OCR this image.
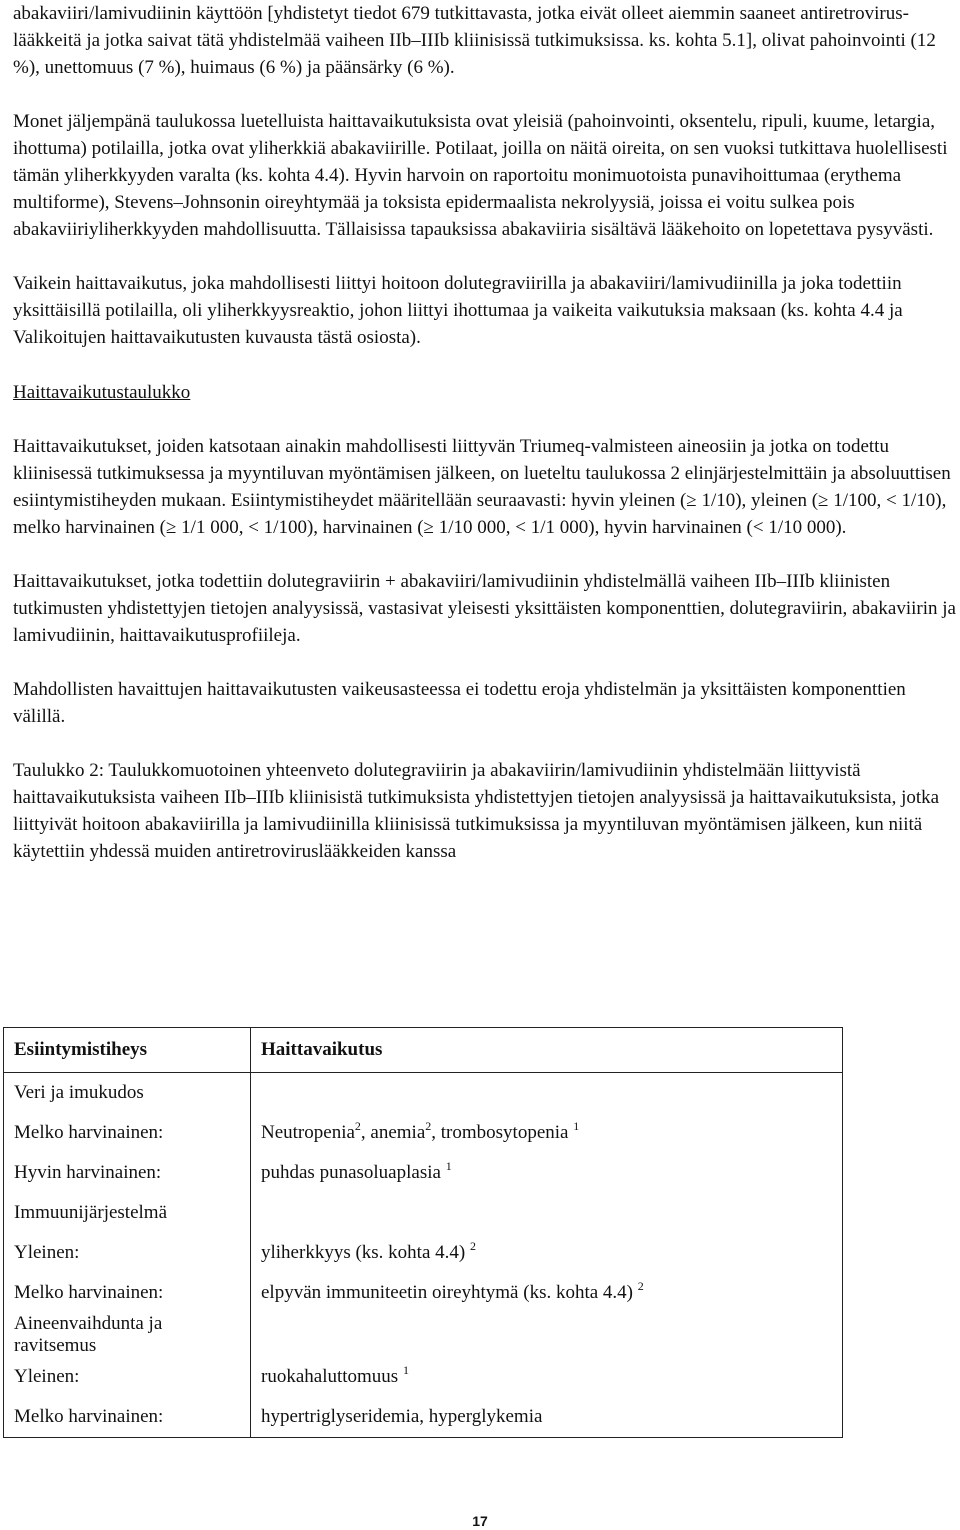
abakaviiri/lamivudiinin käyttöön [yhdistetyt tiedot 679 tutkittavasta, jotka eivät olleet aiemmin saaneet antiretroviruslääkkeitä ja jotka saivat tätä yhdistelmää vaiheen IIb–IIIb kliinisissä tutkimuksissa. ks. kohta 5.1], olivat pahoinvointi (12 %), unettomuus (7 %), huimaus (6 %) ja päänsärky (6 %).

Monet jäljempänä taulukossa luetelluista haittavaikutuksista ovat yleisiä (pahoinvointi, oksentelu, ripuli, kuume, letargia, ihottuma) potilailla, jotka ovat yliherkkiä abakaviirille. Potilaat, joilla on näitä oireita, on sen vuoksi tutkittava huolellisesti tämän yliherkkyyden varalta (ks. kohta 4.4). Hyvin harvoin on raportoitu monimuotoista punavihoittumaa (erythema multiforme), Stevens–Johnsonin oireyhtymää ja toksista epidermaalista nekrolyysiä, joissa ei voitu sulkea pois abakaviiriyliherkkyyden mahdollisuutta. Tällaisissa tapauksissa abakaviiria sisältävä lääkehoito on lopetettava pysyvästi.

Vaikein haittavaikutus, joka mahdollisesti liittyi hoitoon dolutegraviirilla ja abakaviiri/lamivudiinilla ja joka todettiin yksittäisillä potilailla, oli yliherkkyysreaktio, johon liittyi ihottumaa ja vaikeita vaikutuksia maksaan (ks. kohta 4.4 ja Valikoitujen haittavaikutusten kuvausta tästä osiosta).

Haittavaikutustaulukko

Haittavaikutukset, joiden katsotaan ainakin mahdollisesti liittyvän Triumeq-valmisteen aineosiin ja jotka on todettu kliinisessä tutkimuksessa ja myyntiluvan myöntämisen jälkeen, on lueteltu taulukossa 2 elinjärjestelmittäin ja absoluuttisen esiintymistiheyden mukaan. Esiintymistiheydet määritellään seuraavasti: hyvin yleinen (≥ 1/10), yleinen (≥ 1/100, < 1/10), melko harvinainen (≥ 1/1 000, < 1/100), harvinainen (≥ 1/10 000, < 1/1 000), hyvin harvinainen (< 1/10 000).

Haittavaikutukset, jotka todettiin dolutegraviirin + abakaviiri/lamivudiinin yhdistelmällä vaiheen IIb–IIIb kliinisten tutkimusten yhdistettyjen tietojen analyysissä, vastasivat yleisesti yksittäisten komponenttien, dolutegraviirin, abakaviirin ja lamivudiinin, haittavaikutusprofiileja.

Mahdollisten havaittujen haittavaikutusten vaikeusasteessa ei todettu eroja yhdistelmän ja yksittäisten komponenttien välillä.

Taulukko 2: Taulukkomuotoinen yhteenveto dolutegraviirin ja abakaviirin/lamivudiinin yhdistelmään liittyvistä haittavaikutuksista vaiheen IIb–IIIb kliinisistä tutkimuksista yhdistettyjen tietojen analyysissä ja haittavaikutuksista, jotka liittyivät hoitoon abakaviirilla ja lamivudiinilla kliinisissä tutkimuksissa ja myyntiluvan myöntämisen jälkeen, kun niitä käytettiin yhdessä muiden antiretroviruslääkkeiden kanssa

Esiintymistiheys	Haittavaikutus
Veri ja imukudos	
Melko harvinainen:	Neutropenia$^2$, anemia$^2$, trombosytopenia $^1$
Hyvin harvinainen:	puhdas punasoluaplasia $^1$
Immuunijärjestelmä	
Yleinen:	yliherkkyys (ks. kohta 4.4) $^2$
Melko harvinainen:	elpyvän immuniteetin oireyhtymä (ks. kohta 4.4) $^2$
Aineenvaihdunta ja ravitsemus	
Yleinen:	ruokahaluttomuus $^1$
Melko harvinainen:	hypertriglyseridemia, hyperglykemia
17
